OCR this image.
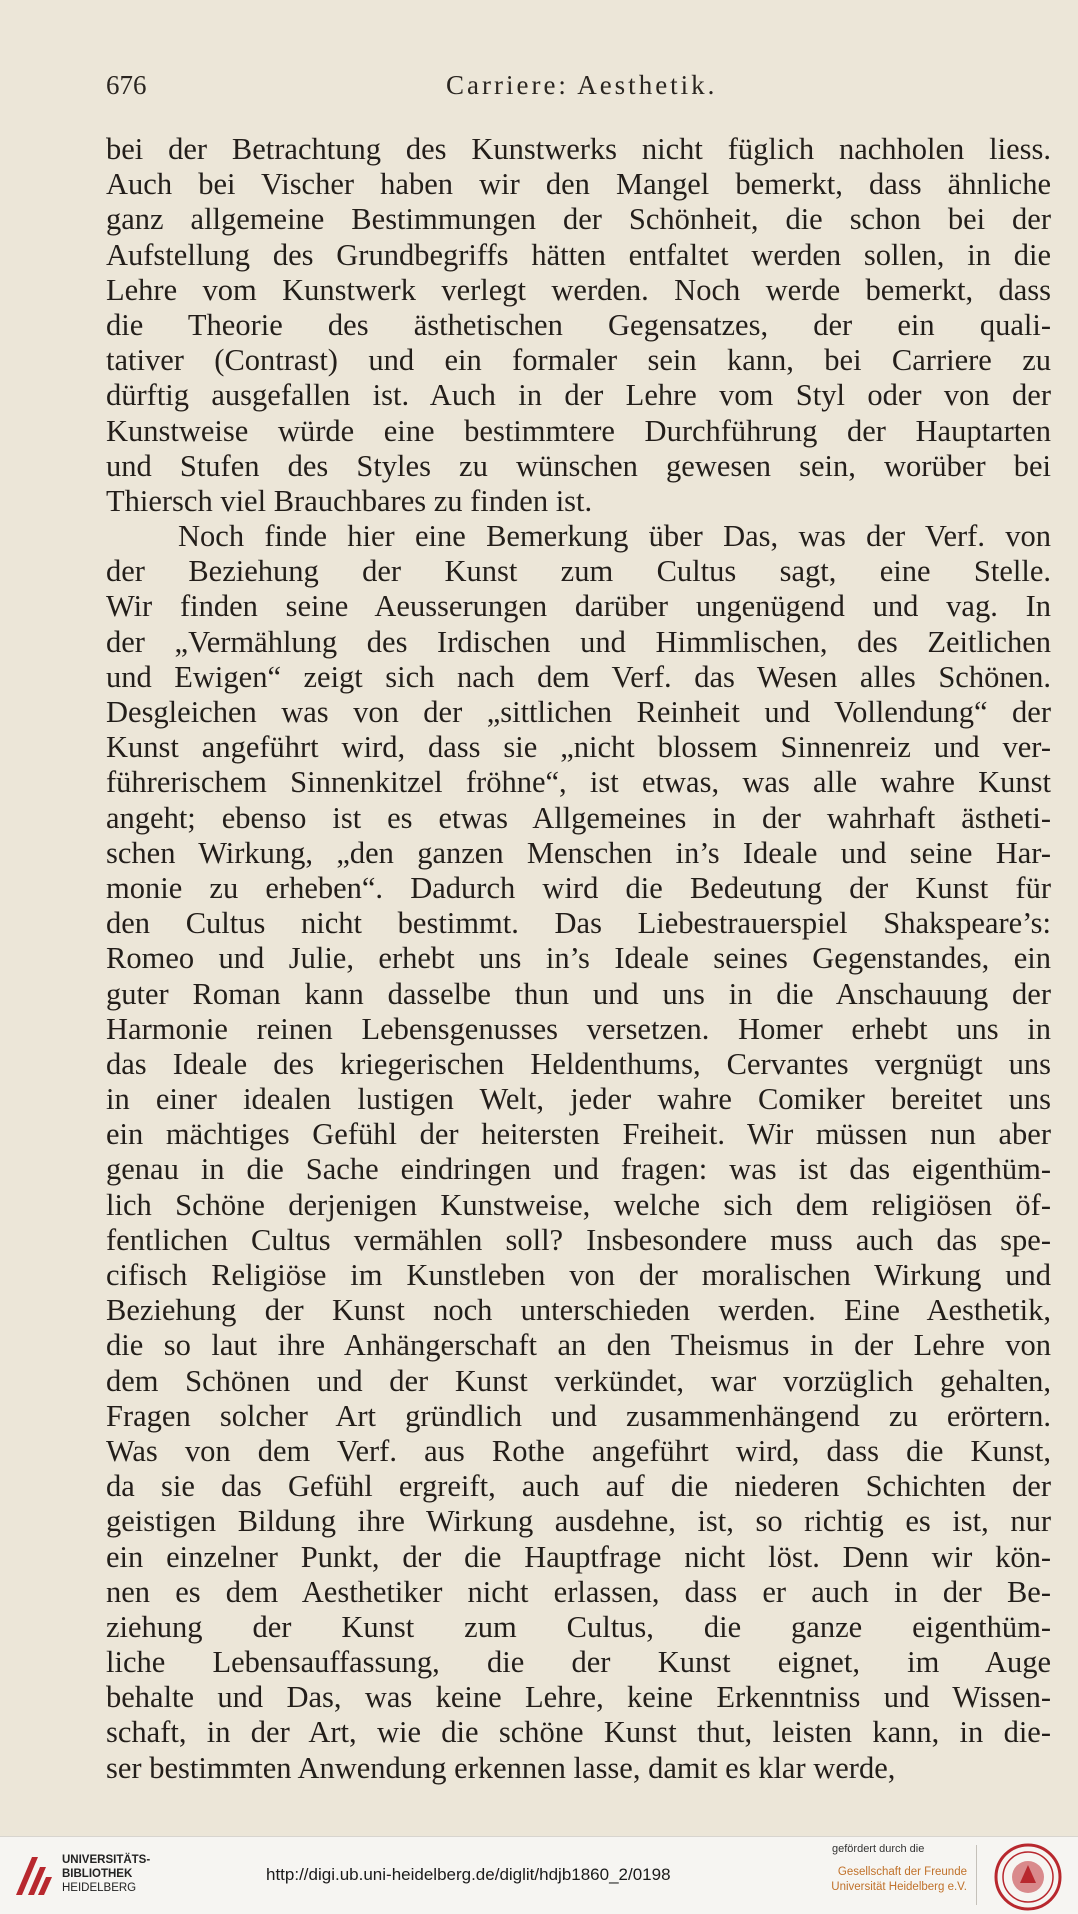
676	Carriere: Aesthetik.
bei der Betrachtung des Kunstwerks nicht füglich nachholen liess.
Auch bei Vischer haben wir den Mangel bemerkt, dass ähnliche
ganz allgemeine Bestimmungen der Schönheit, die schon bei der
Aufstellung des Grundbegriffs hätten entfaltet werden sollen, in die
Lehre vom Kunstwerk verlegt werden. Noch werde bemerkt, dass
die Theorie des ästhetischen Gegensatzes, der ein quali-
tativer (Contrast) und ein formaler sein kann, bei Carriere zu
dürftig ausgefallen ist. Auch in der Lehre vom Styl oder von der
Kunstweise würde eine bestimmtere Durchführung der Hauptarten
und Stufen des Styles zu wünschen gewesen sein, worüber bei
Thiersch viel Brauchbares zu finden ist.
Noch finde hier eine Bemerkung über Das, was der Verf. von
der Beziehung der Kunst zum Cultus sagt, eine Stelle.
Wir finden seine Aeusserungen darüber ungenügend und vag. In
der „Vermählung des Irdischen und Himmlischen, des Zeitlichen
und Ewigen“ zeigt sich nach dem Verf. das Wesen alles Schönen.
Desgleichen was von der „sittlichen Reinheit und Vollendung“ der
Kunst angeführt wird, dass sie „nicht blossem Sinnenreiz und ver-
führerischem Sinnenkitzel fröhne“, ist etwas, was alle wahre Kunst
angeht; ebenso ist es etwas Allgemeines in der wahrhaft ästheti-
schen Wirkung, „den ganzen Menschen in’s Ideale und seine Har-
monie zu erheben“. Dadurch wird die Bedeutung der Kunst für
den Cultus nicht bestimmt. Das Liebestrauerspiel Shakspeare’s:
Romeo und Julie, erhebt uns in’s Ideale seines Gegenstandes, ein
guter Roman kann dasselbe thun und uns in die Anschauung der
Harmonie reinen Lebensgenusses versetzen. Homer erhebt uns in
das Ideale des kriegerischen Heldenthums, Cervantes vergnügt uns
in einer idealen lustigen Welt, jeder wahre Comiker bereitet uns
ein mächtiges Gefühl der heitersten Freiheit. Wir müssen nun aber
genau in die Sache eindringen und fragen: was ist das eigenthüm-
lich Schöne derjenigen Kunstweise, welche sich dem religiösen öf-
fentlichen Cultus vermählen soll? Insbesondere muss auch das spe-
cifisch Religiöse im Kunstleben von der moralischen Wirkung und
Beziehung der Kunst noch unterschieden werden. Eine Aesthetik,
die so laut ihre Anhängerschaft an den Theismus in der Lehre von
dem Schönen und der Kunst verkündet, war vorzüglich gehalten,
Fragen solcher Art gründlich und zusammenhängend zu erörtern.
Was von dem Verf. aus Rothe angeführt wird, dass die Kunst,
da sie das Gefühl ergreift, auch auf die niederen Schichten der
geistigen Bildung ihre Wirkung ausdehne, ist, so richtig es ist, nur
ein einzelner Punkt, der die Hauptfrage nicht löst. Denn wir kön-
nen es dem Aesthetiker nicht erlassen, dass er auch in der Be-
ziehung der Kunst zum Cultus, die ganze eigenthüm-
liche Lebensauffassung, die der Kunst eignet, im Auge
behalte und Das, was keine Lehre, keine Erkenntniss und Wissen-
schaft, in der Art, wie die schöne Kunst thut, leisten kann, in die-
ser bestimmten Anwendung erkennen lasse, damit es klar werde,
UNIVERSITÄTS-
BIBLIOTHEK
HEIDELBERG
http://digi.ub.uni-heidelberg.de/diglit/hdjb1860_2/0198
gefördert durch die
Gesellschaft der Freunde
Universität Heidelberg e.V.
